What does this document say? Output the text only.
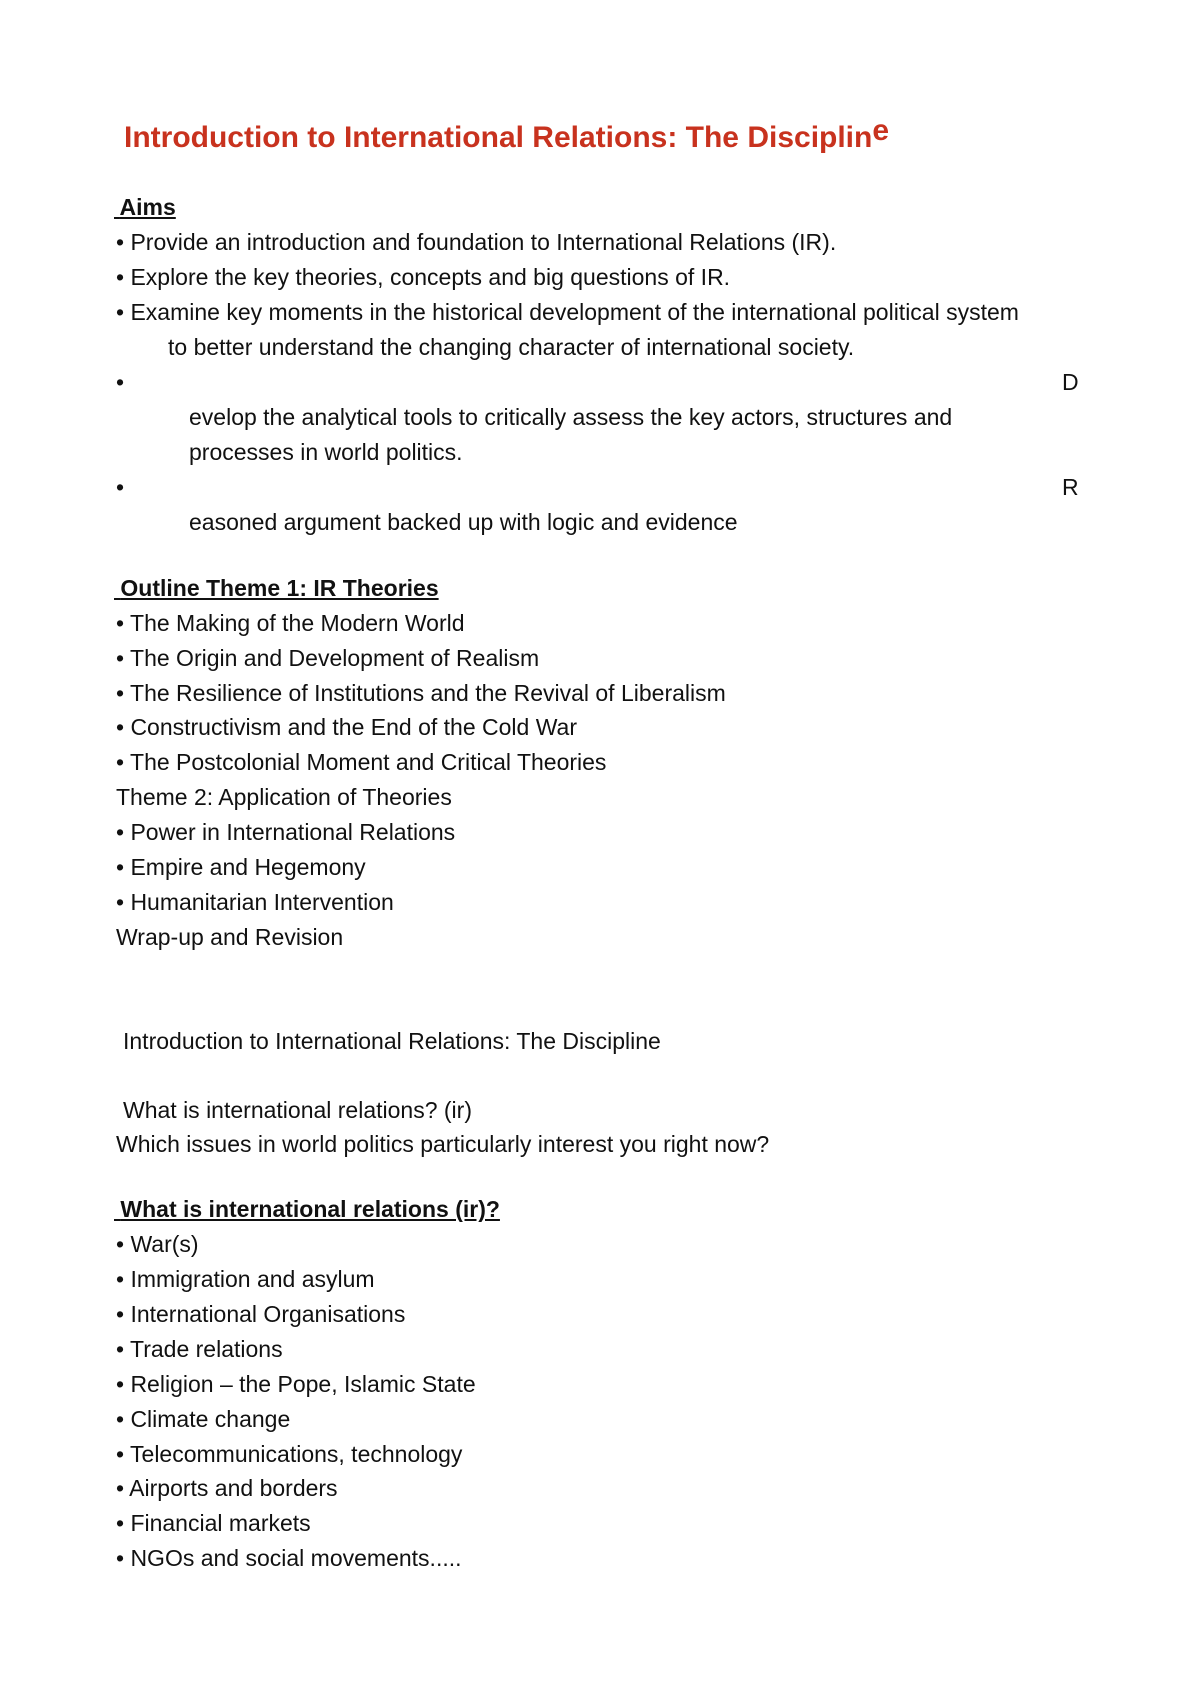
Introduction to International Relations: The Discipline
Aims
• Provide an introduction and foundation to International Relations (IR).
• Explore the key theories, concepts and big questions of IR.
• Examine key moments in the historical development of the international political system
to better understand the changing character of international society.
•	D
evelop the analytical tools to critically assess the key actors, structures and
processes in world politics.
•	R
easoned argument backed up with logic and evidence
Outline Theme 1: IR Theories
• The Making of the Modern World
• The Origin and Development of Realism
• The Resilience of Institutions and the Revival of Liberalism
• Constructivism and the End of the Cold War
• The Postcolonial Moment and Critical Theories
Theme 2: Application of Theories
• Power in International Relations
• Empire and Hegemony
• Humanitarian Intervention
Wrap-up and Revision
Introduction to International Relations: The Discipline
What is international relations? (ir)
Which issues in world politics particularly interest you right now?
What is international relations (ir)?
• War(s)
• Immigration and asylum
• International Organisations
• Trade relations
• Religion – the Pope, Islamic State
• Climate change
• Telecommunications, technology
• Airports and borders
• Financial markets
• NGOs and social movements.....
